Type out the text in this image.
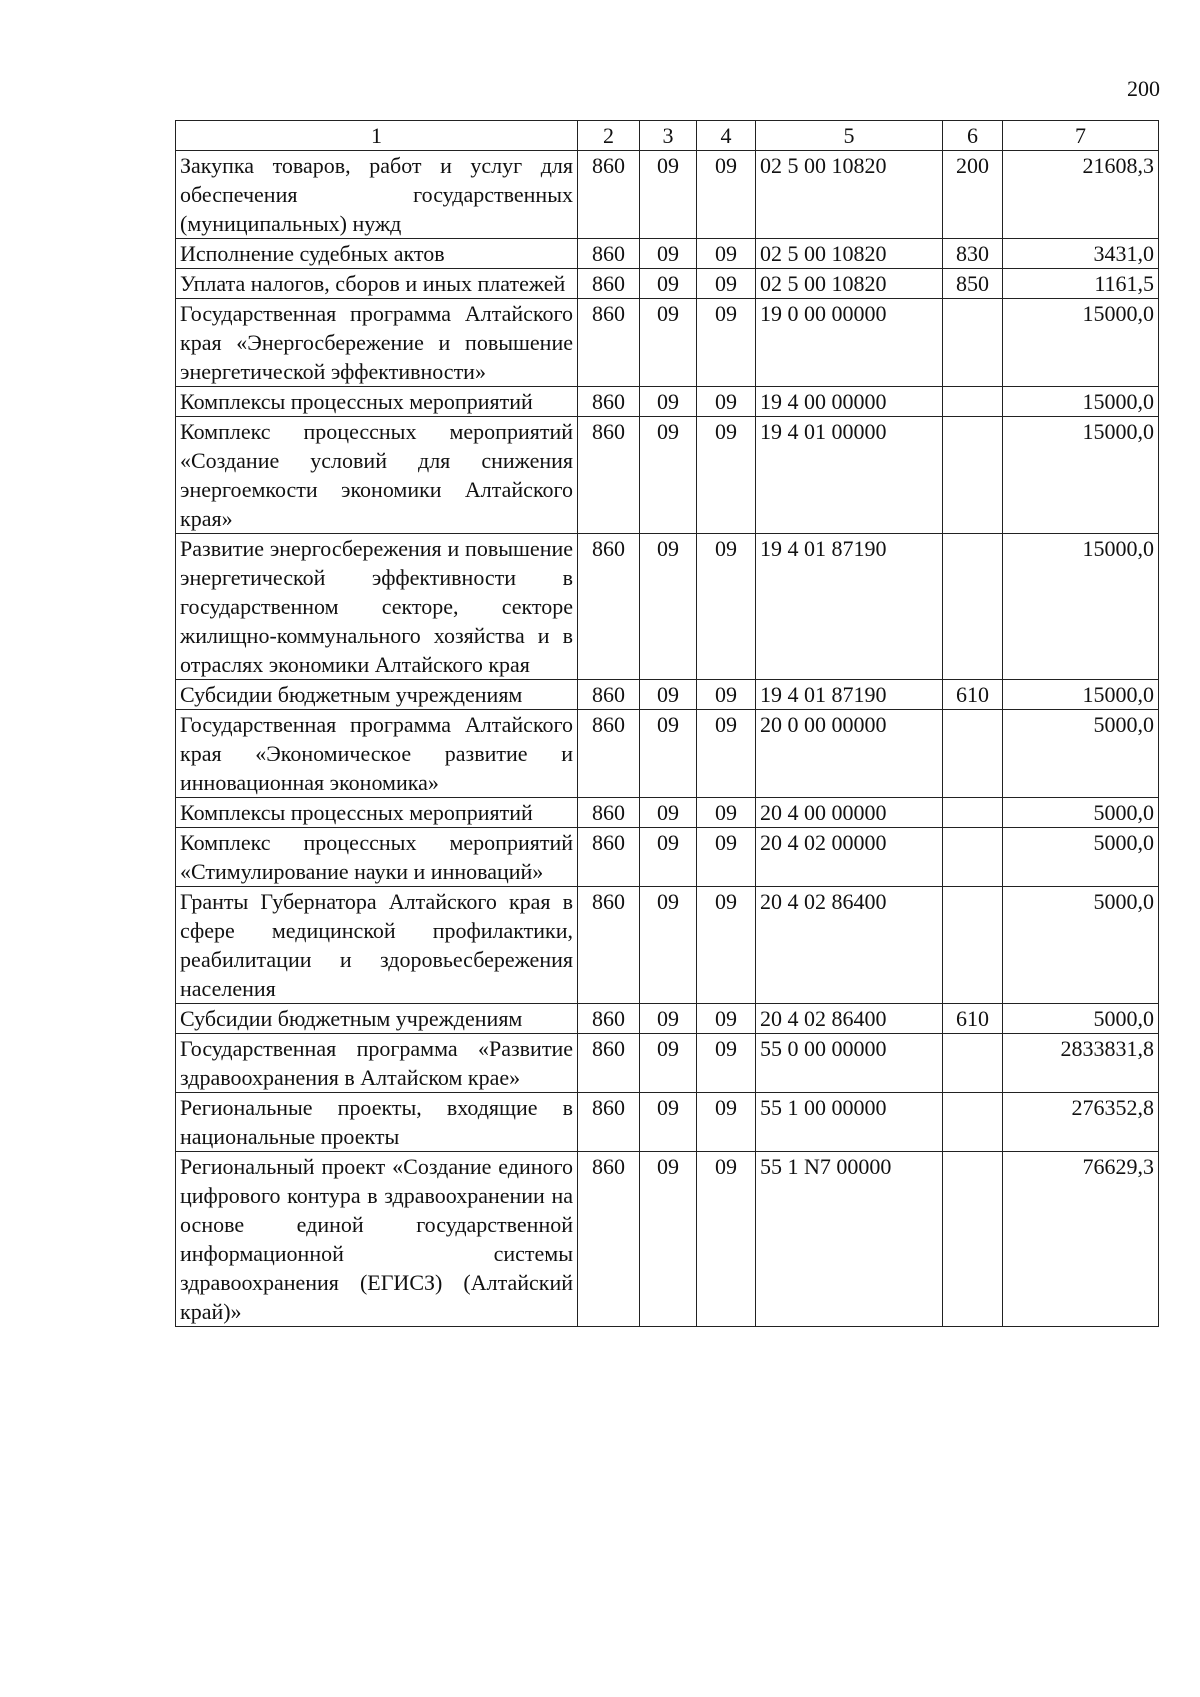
200
1	2	3	4	5	6	7
Закупка товаров, работ и услуг для обеспечения государственных (муниципальных) нужд	860	09	09	02 5 00 10820	200	21608,3
Исполнение судебных актов	860	09	09	02 5 00 10820	830	3431,0
Уплата налогов, сборов и иных платежей	860	09	09	02 5 00 10820	850	1161,5
Государственная программа Алтайского края «Энергосбережение и повышение энергетической эффективности»	860	09	09	19 0 00 00000		15000,0
Комплексы процессных мероприятий	860	09	09	19 4 00 00000		15000,0
Комплекс процессных мероприятий «Создание условий для снижения энергоемкости экономики Алтайского края»	860	09	09	19 4 01 00000		15000,0
Развитие энергосбережения и повышение энергетической эффективности в государственном секторе, секторе жилищно-коммунального хозяйства и в отраслях экономики Алтайского края	860	09	09	19 4 01 87190		15000,0
Субсидии бюджетным учреждениям	860	09	09	19 4 01 87190	610	15000,0
Государственная программа Алтайского края «Экономическое развитие и инновационная экономика»	860	09	09	20 0 00 00000		5000,0
Комплексы процессных мероприятий	860	09	09	20 4 00 00000		5000,0
Комплекс процессных мероприятий «Стимулирование науки и инноваций»	860	09	09	20 4 02 00000		5000,0
Гранты Губернатора Алтайского края в сфере медицинской профилактики, реабилитации и здоровьесбережения населения	860	09	09	20 4 02 86400		5000,0
Субсидии бюджетным учреждениям	860	09	09	20 4 02 86400	610	5000,0
Государственная программа «Развитие здравоохранения в Алтайском крае»	860	09	09	55 0 00 00000		2833831,8
Региональные проекты, входящие в национальные проекты	860	09	09	55 1 00 00000		276352,8
Региональный проект «Создание единого цифрового контура в здравоохранении на основе единой государственной информационной системы здравоохранения (ЕГИСЗ) (Алтайский край)»	860	09	09	55 1 N7 00000		76629,3
